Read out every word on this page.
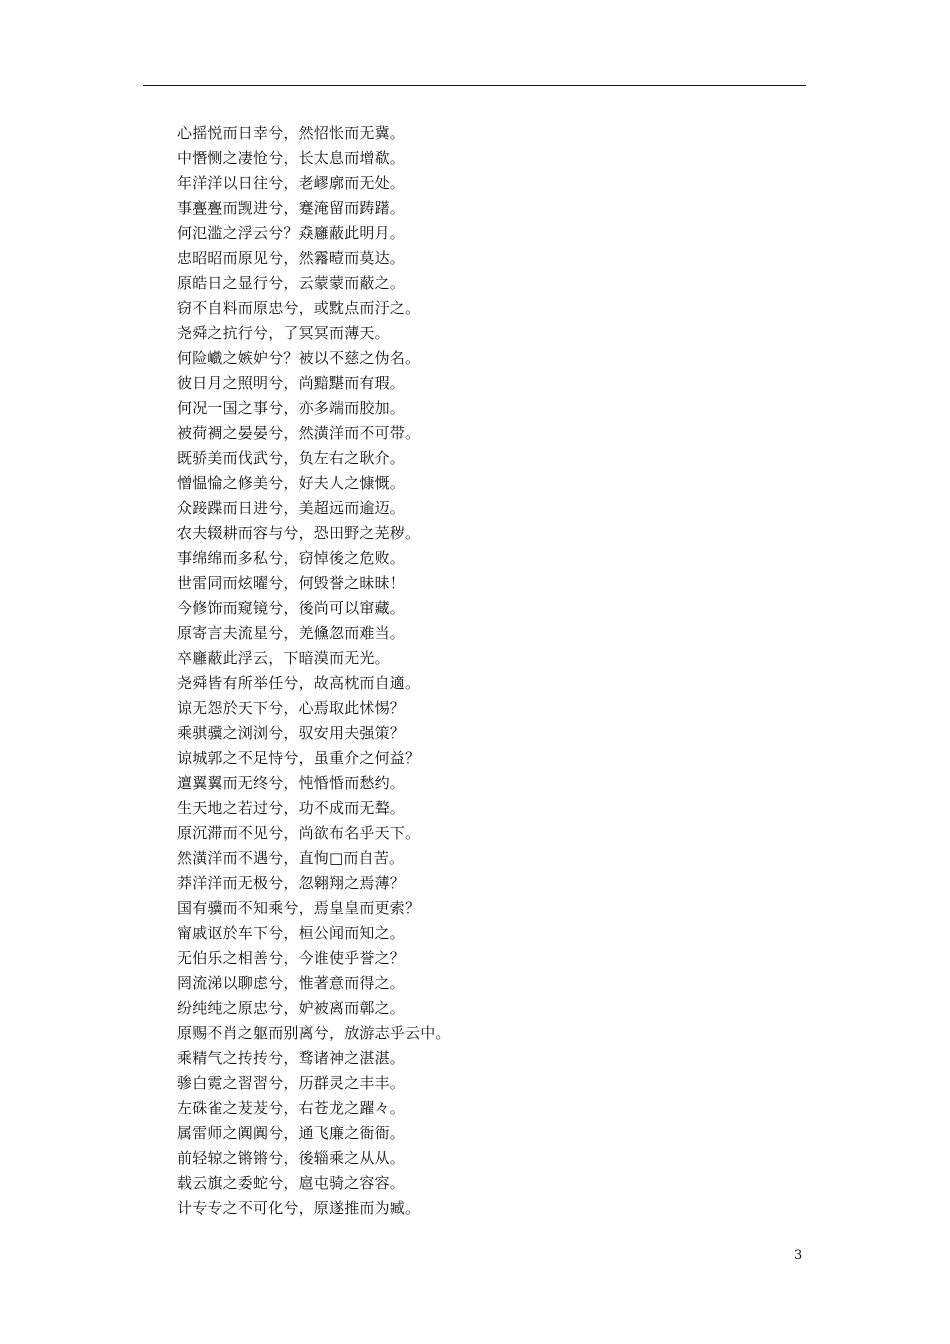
心摇悦而日幸兮，然怊怅而无冀。
中憯恻之凄怆兮，长太息而增欷。
年洋洋以日往兮，老嵺廓而无处。
事亹亹而觊进兮，蹇淹留而踌躇。
何氾滥之浮云兮？猋廱蔽此明月。
忠昭昭而原见兮，然霿曀而莫达。
原皓日之显行兮，云蒙蒙而蔽之。
窃不自料而原忠兮，或黕点而汙之。
尧舜之抗行兮，了冥冥而薄天。
何险巇之嫉妒兮？被以不慈之伪名。
彼日月之照明兮，尚黯黮而有瑕。
何况一国之事兮，亦多端而胶加。
被荷裯之晏晏兮，然潢洋而不可带。
既骄美而伐武兮，负左右之耿介。
憎愠惀之修美兮，好夫人之慷慨。
众踥蹀而日进兮，美超远而逾迈。
农夫辍耕而容与兮，恐田野之芜秽。
事绵绵而多私兮，窃悼後之危败。
世雷同而炫曜兮，何毁誉之昧昧！
今修饰而窥镜兮，後尚可以窜藏。
原寄言夫流星兮，羌儵忽而难当。
卒廱蔽此浮云，下暗漠而无光。
尧舜皆有所举任兮，故高枕而自適。
谅无怨於天下兮，心焉取此怵惕？
乘骐骥之浏浏兮，驭安用夫强策？
谅城郭之不足恃兮，虽重介之何益？
邅翼翼而无终兮，忳惛惛而愁约。
生天地之若过兮，功不成而无聱。
原沉滞而不见兮，尚欲布名乎天下。
然潢洋而不遇兮，直怐□而自苦。
莽洋洋而无极兮，忽翱翔之焉薄？
国有骥而不知乘兮，焉皇皇而更索？
甯戚讴於车下兮，桓公闻而知之。
无伯乐之相善兮，今谁使乎誉之？
罔流涕以聊虑兮，惟著意而得之。
纷纯纯之原忠兮，妒被离而鄣之。
原赐不肖之躯而别离兮，放游志乎云中。
乘精气之抟抟兮，骛诸神之湛湛。
骖白霓之習習兮，历群灵之丰丰。
左硃雀之茇茇兮，右苍龙之躍々。
属雷师之阗阗兮，通飞廉之衙衙。
前轻辌之锵锵兮，後辎乘之从从。
载云旗之委蛇兮，扈屯骑之容容。
计专专之不可化兮，原遂推而为臧。
3
